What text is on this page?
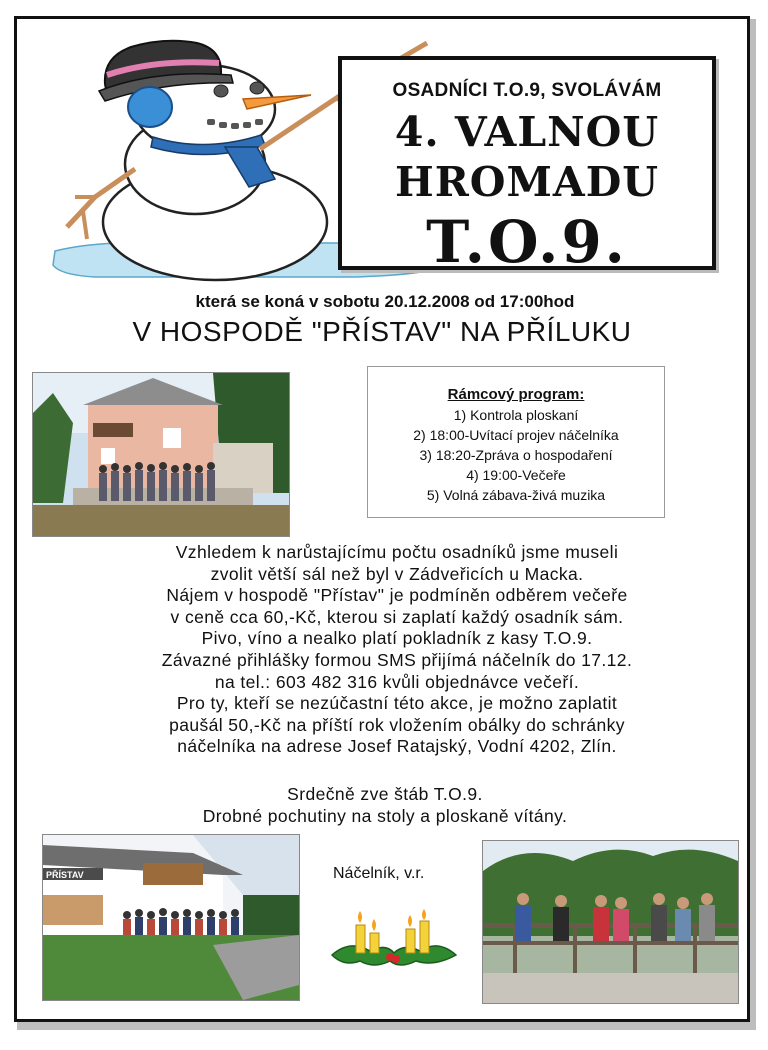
OSADNÍCI T.O.9, SVOLÁVÁM
4. VALNOU
HROMADU
T.O.9.
která se koná v sobotu 20.12.2008 od 17:00hod
V HOSPODĚ "PŘÍSTAV" NA PŘÍLUKU
Rámcový program:
1) Kontrola ploskaní
2) 18:00-Uvítací projev náčelníka
3) 18:20-Zpráva o hospodaření
4) 19:00-Večeře
5) Volná zábava-živá muzika
Vzhledem k narůstajícímu počtu osadníků jsme museli
zvolit větší sál než byl v Zádveřicích u Macka.
Nájem v hospodě "Přístav" je podmíněn odběrem večeře
v ceně cca 60,-Kč, kterou si zaplatí každý osadník sám.
Pivo, víno a nealko platí pokladník z kasy T.O.9.
Závazné přihlášky formou SMS přijímá náčelník do 17.12.
na tel.: 603 482 316 kvůli objednávce večeří.
Pro ty, kteří se nezúčastní této akce, je možno zaplatit
paušál 50,-Kč na příští rok vložením obálky do schránky
náčelníka na adrese Josef Ratajský, Vodní 4202, Zlín.
Srdečně zve štáb T.O.9.
Drobné pochutiny na stoly a ploskaně vítány.
PŘÍSTAV	Náčelník, v.r.
